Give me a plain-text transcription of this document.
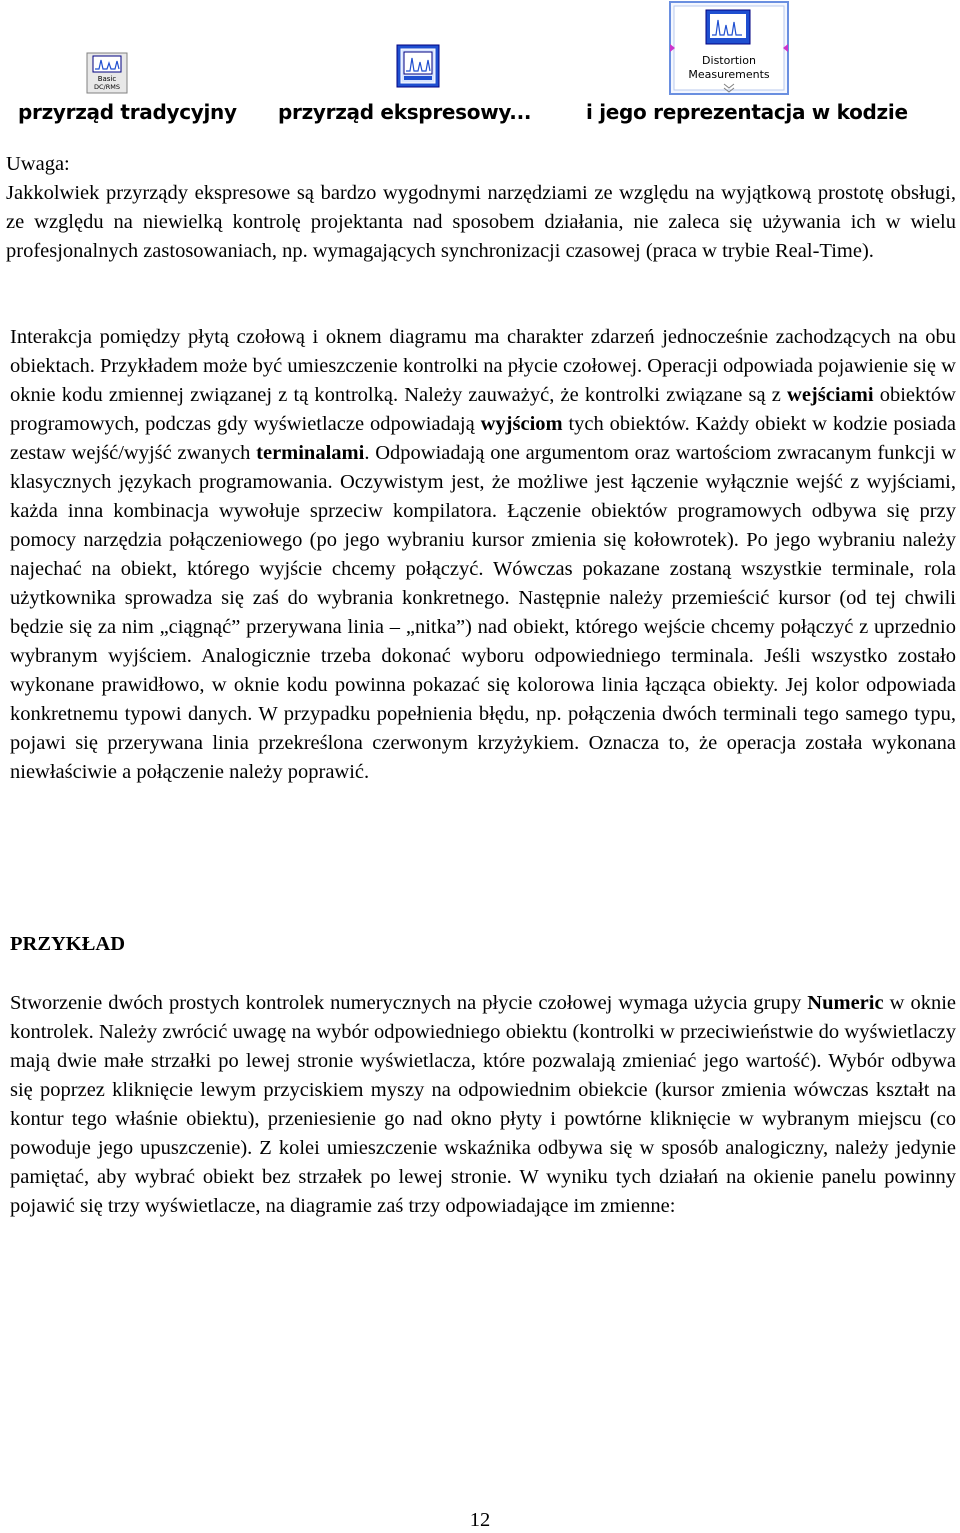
Basic
DC/RMS
Distortion
Measurements
przyrząd tradycyjny przyrząd ekspresowy...	i jego reprezentacja w kodzie
Uwaga:
Jakkolwiek przyrządy ekspresowe są bardzo wygodnymi narzędziami ze względu na wyjątkową prostotę obsługi, ze względu na niewielką kontrolę projektanta nad sposobem działania, nie zaleca się używania ich w wielu profesjonalnych zastosowaniach, np. wymagających synchronizacji czasowej (praca w trybie Real-Time).
Interakcja pomiędzy płytą czołową i oknem diagramu ma charakter zdarzeń jednocześnie zachodzących na obu obiektach. Przykładem może być umieszczenie kontrolki na płycie czołowej. Operacji odpowiada pojawienie się w oknie kodu zmiennej związanej z tą kontrolką. Należy zauważyć, że kontrolki związane są z wejściami obiektów programowych, podczas gdy wyświetlacze odpowiadają wyjściom tych obiektów. Każdy obiekt w kodzie posiada zestaw wejść/wyjść zwanych terminalami. Odpowiadają one argumentom oraz wartościom zwracanym funkcji w klasycznych językach programowania. Oczywistym jest, że możliwe jest łączenie wyłącznie wejść z wyjściami, każda inna kombinacja wywołuje sprzeciw kompilatora. Łączenie obiektów programowych odbywa się przy pomocy narzędzia połączeniowego (po jego wybraniu kursor zmienia się kołowrotek). Po jego wybraniu należy najechać na obiekt, którego wyjście chcemy połączyć. Wówczas pokazane zostaną wszystkie terminale, rola użytkownika sprowadza się zaś do wybrania konkretnego. Następnie należy przemieścić kursor (od tej chwili będzie się za nim „ciągnąć” przerywana linia – „nitka”) nad obiekt, którego wejście chcemy połączyć z uprzednio wybranym wyjściem. Analogicznie trzeba dokonać wyboru odpowiedniego terminala. Jeśli wszystko zostało wykonane prawidłowo, w oknie kodu powinna pokazać się kolorowa linia łącząca obiekty. Jej kolor odpowiada konkretnemu typowi danych. W przypadku popełnienia błędu, np. połączenia dwóch terminali tego samego typu, pojawi się przerywana linia przekreślona czerwonym krzyżykiem. Oznacza to, że operacja została wykonana niewłaściwie a połączenie należy poprawić.
PRZYKŁAD
Stworzenie dwóch prostych kontrolek numerycznych na płycie czołowej wymaga użycia grupy Numeric w oknie kontrolek. Należy zwrócić uwagę na wybór odpowiedniego obiektu (kontrolki w przeciwieństwie do wyświetlaczy mają dwie małe strzałki po lewej stronie wyświetlacza, które pozwalają zmieniać jego wartość). Wybór odbywa się poprzez kliknięcie lewym przyciskiem myszy na odpowiednim obiekcie (kursor zmienia wówczas kształt na kontur tego właśnie obiektu), przeniesienie go nad okno płyty i powtórne kliknięcie w wybranym miejscu (co powoduje jego upuszczenie). Z kolei umieszczenie wskaźnika odbywa się w sposób analogiczny, należy jedynie pamiętać, aby wybrać obiekt bez strzałek po lewej stronie. W wyniku tych działań na okienie panelu powinny pojawić się trzy wyświetlacze, na diagramie zaś trzy odpowiadające im zmienne:
12
